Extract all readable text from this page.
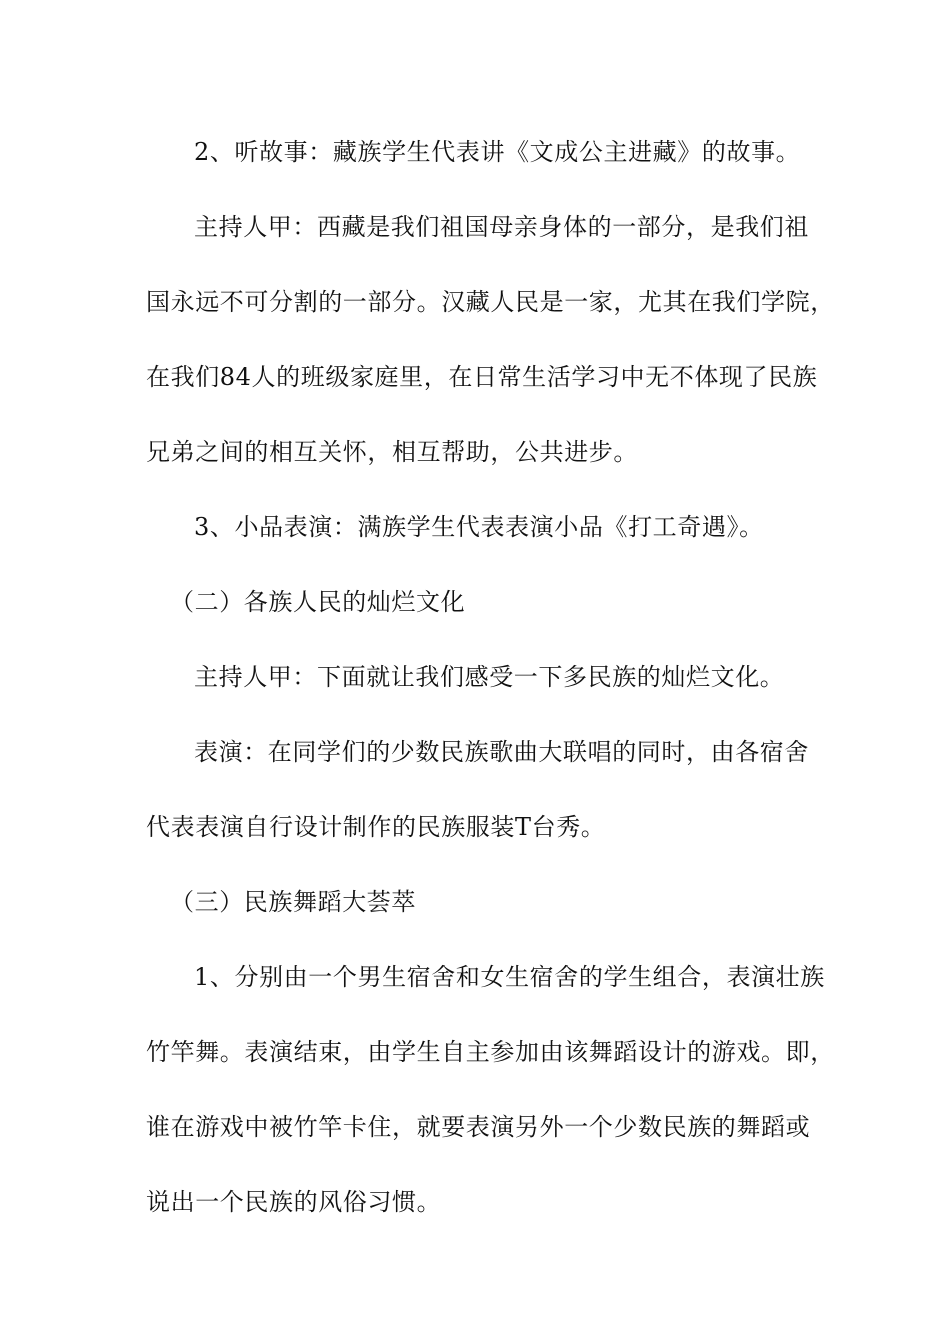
2、听故事：藏族学生代表讲《文成公主进藏》的故事。
主持人甲：西藏是我们祖国母亲身体的一部分，是我们祖
国永远不可分割的一部分。汉藏人民是一家，尤其在我们学院，
在我们84人的班级家庭里，在日常生活学习中无不体现了民族
兄弟之间的相互关怀，相互帮助，公共进步。
3、小品表演：满族学生代表表演小品《打工奇遇》。
（二）各族人民的灿烂文化
主持人甲：下面就让我们感受一下多民族的灿烂文化。
表演：在同学们的少数民族歌曲大联唱的同时，由各宿舍
代表表演自行设计制作的民族服装T台秀。
（三）民族舞蹈大荟萃
1、分别由一个男生宿舍和女生宿舍的学生组合，表演壮族
竹竿舞。表演结束，由学生自主参加由该舞蹈设计的游戏。即，
谁在游戏中被竹竿卡住，就要表演另外一个少数民族的舞蹈或
说出一个民族的风俗习惯。
